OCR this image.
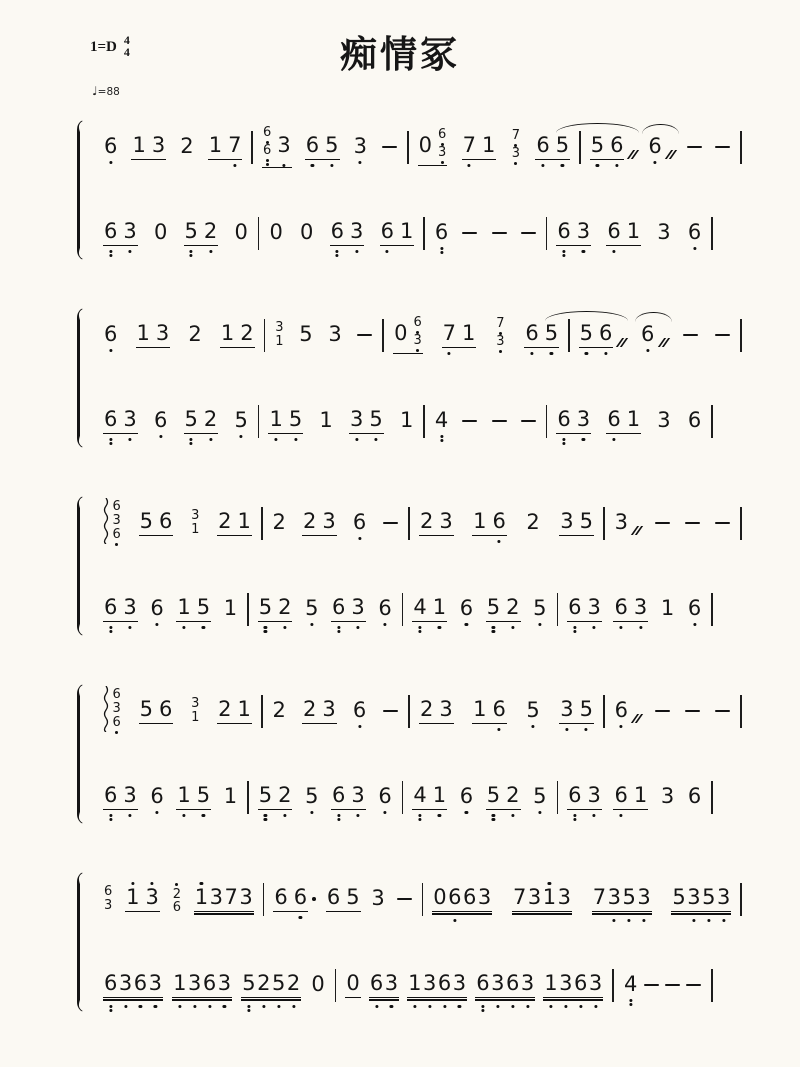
1=D 4
4	痴情冢
♩=88
6 1 3 2 1 7
6
6 3 6 5 3 0 6
3 7 1 7
3 6 5 5 6 6
6 3 0 5 2 0 0 0 6 3 6 1 6	6 3 6 1 3 6
6 1 3 2 1 2 3
1 5 3 0 6
3 7 1 7
3 6 5 5 6 6
6 3 6 5 2 5 1 5 1 3 5 1 4	6 3 6 1 3 6
6
3
6
5 6 3
1 2 1 2 2 3 6	2 3 1 6 2 3 5 3
6 3 6 1 5 1 5 2 5 6 3 6 4 1 6 5 2 5 6 3 6 3 1 6
6
3
6
5 6 3
1 2 1 2 2 3 6	2 3 1 6 5 3 5 6
6 3 6 1 5 1 5 2 5 6 3 6 4 1 6 5 2 5 6 3 6 1 3 6
6
3 1 3 2
6 1 3 7 3 6 6 6 5 3 0 6 6 3 7 3 1 3 7 3 5 3 5 3 5 3
6 3 6 3 1 3 6 3 5 2 5 2 0 0 6 3 1 3 6 3 6 3 6 3 1 3 6 3 4
